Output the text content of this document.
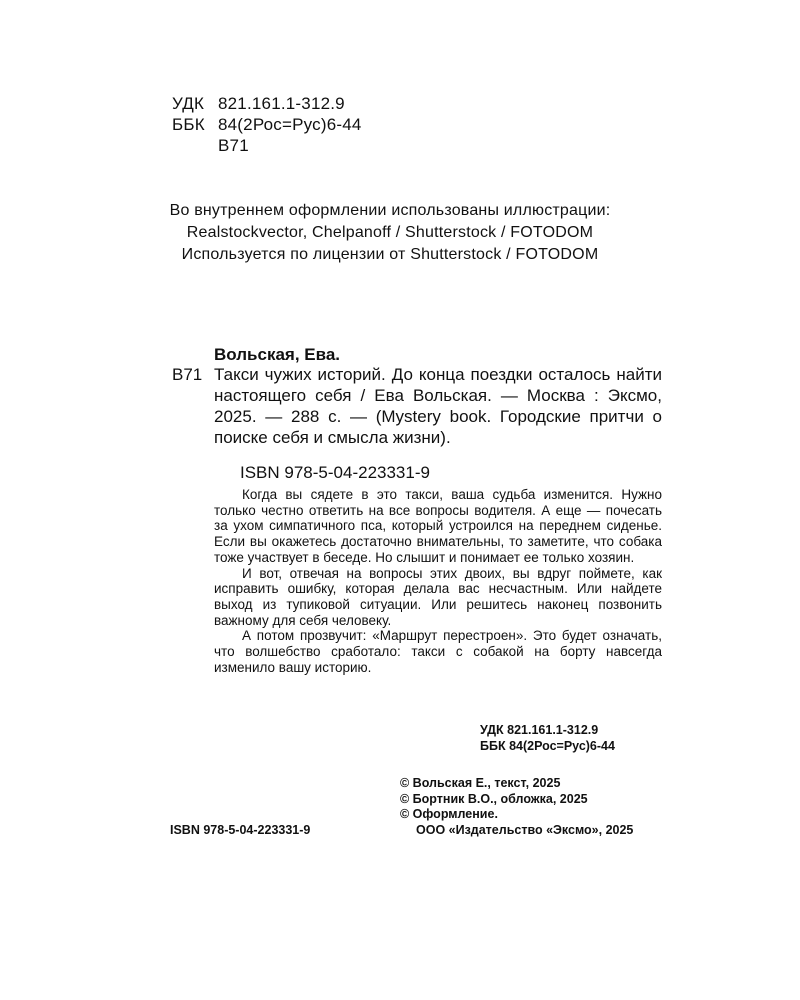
УДК 821.161.1-312.9
ББК 84(2Рос=Рус)6-44
В71
Во внутреннем оформлении использованы иллюстрации:
Realstockvector, Chelpanoff / Shutterstock / FOTODOM
Используется по лицензии от Shutterstock / FOTODOM
Вольская, Ева.
В71 Такси чужих историй. До конца поездки осталось найти настоящего себя / Ева Вольская. — Москва : Эксмо, 2025. — 288 с. — (Mystery book. Городские притчи о поиске себя и смысла жизни).
ISBN 978-5-04-223331-9

Когда вы сядете в это такси, ваша судьба изменится. Нужно только честно ответить на все вопросы водителя. А еще — почесать за ухом симпатичного пса, который устроился на переднем сиденье. Если вы окажетесь достаточно внимательны, то заметите, что собака тоже участвует в беседе. Но слышит и понимает ее только хозяин.

И вот, отвечая на вопросы этих двоих, вы вдруг поймете, как исправить ошибку, которая делала вас несчастным. Или найдете выход из тупиковой ситуации. Или решитесь наконец позвонить важному для себя человеку.

А потом прозвучит: «Маршрут перестроен». Это будет означать, что волшебство сработало: такси с собакой на борту навсегда изменило вашу историю.

УДК 821.161.1-312.9
ББК 84(2Рос=Рус)6-44
© Вольская Е., текст, 2025
© Бортник В.О., обложка, 2025
© Оформление.
ООО «Издательство «Эксмо», 2025
ISBN 978-5-04-223331-9
